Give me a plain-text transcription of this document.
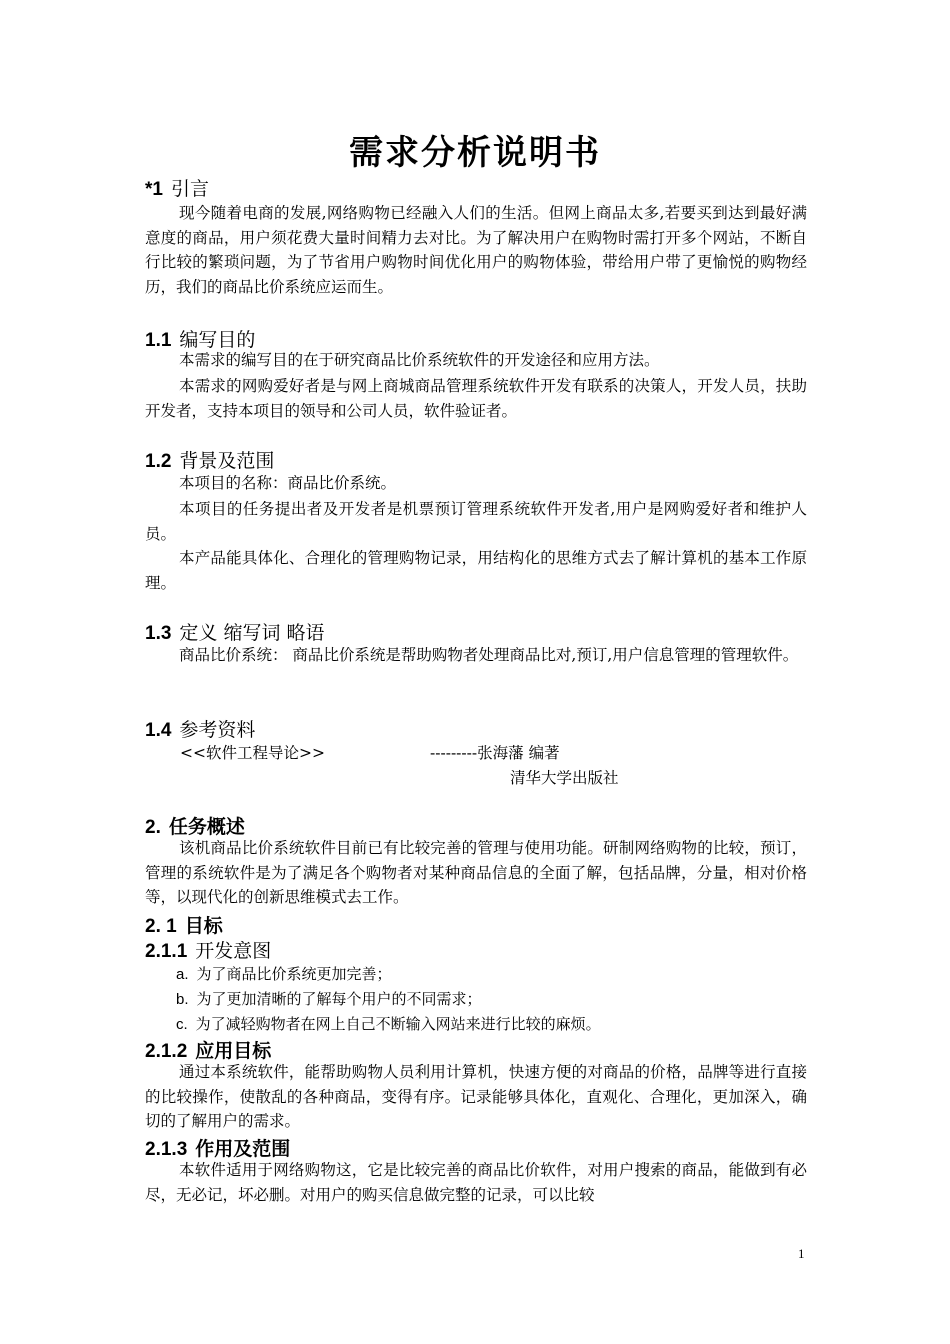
需求分析说明书
*1 引言
现今随着电商的发展,网络购物已经融入人们的生活。但网上商品太多,若要买到达到最好满意度的商品，用户须花费大量时间精力去对比。为了解决用户在购物时需打开多个网站，不断自行比较的繁琐问题，为了节省用户购物时间优化用户的购物体验，带给用户带了更愉悦的购物经历，我们的商品比价系统应运而生。
1.1 编写目的
本需求的编写目的在于研究商品比价系统软件的开发途径和应用方法。
本需求的网购爱好者是与网上商城商品管理系统软件开发有联系的决策人，开发人员，扶助开发者，支持本项目的领导和公司人员，软件验证者。
1.2 背景及范围
本项目的名称：商品比价系统。
本项目的任务提出者及开发者是机票预订管理系统软件开发者,用户是网购爱好者和维护人员。
本产品能具体化、合理化的管理购物记录，用结构化的思维方式去了解计算机的基本工作原理。
1.3 定义 缩写词 略语
商品比价系统： 商品比价系统是帮助购物者处理商品比对,预订,用户信息管理的管理软件。
1.4 参考资料
<<软件工程导论>>	---------张海藩 编著
清华大学出版社
2. 任务概述
该机商品比价系统软件目前已有比较完善的管理与使用功能。研制网络购物的比较，预订，管理的系统软件是为了满足各个购物者对某种商品信息的全面了解，包括品牌，分量，相对价格等，以现代化的创新思维模式去工作。
2. 1 目标
2.1.1 开发意图
a. 为了商品比价系统更加完善；
b. 为了更加清晰的了解每个用户的不同需求；
c. 为了减轻购物者在网上自己不断输入网站来进行比较的麻烦。
2.1.2 应用目标
通过本系统软件，能帮助购物人员利用计算机，快速方便的对商品的价格，品牌等进行直接的比较操作，使散乱的各种商品，变得有序。记录能够具体化，直观化、合理化，更加深入，确切的了解用户的需求。
2.1.3 作用及范围
本软件适用于网络购物这，它是比较完善的商品比价软件，对用户搜索的商品，能做到有必尽，无必记，坏必删。对用户的购买信息做完整的记录，可以比较
1
